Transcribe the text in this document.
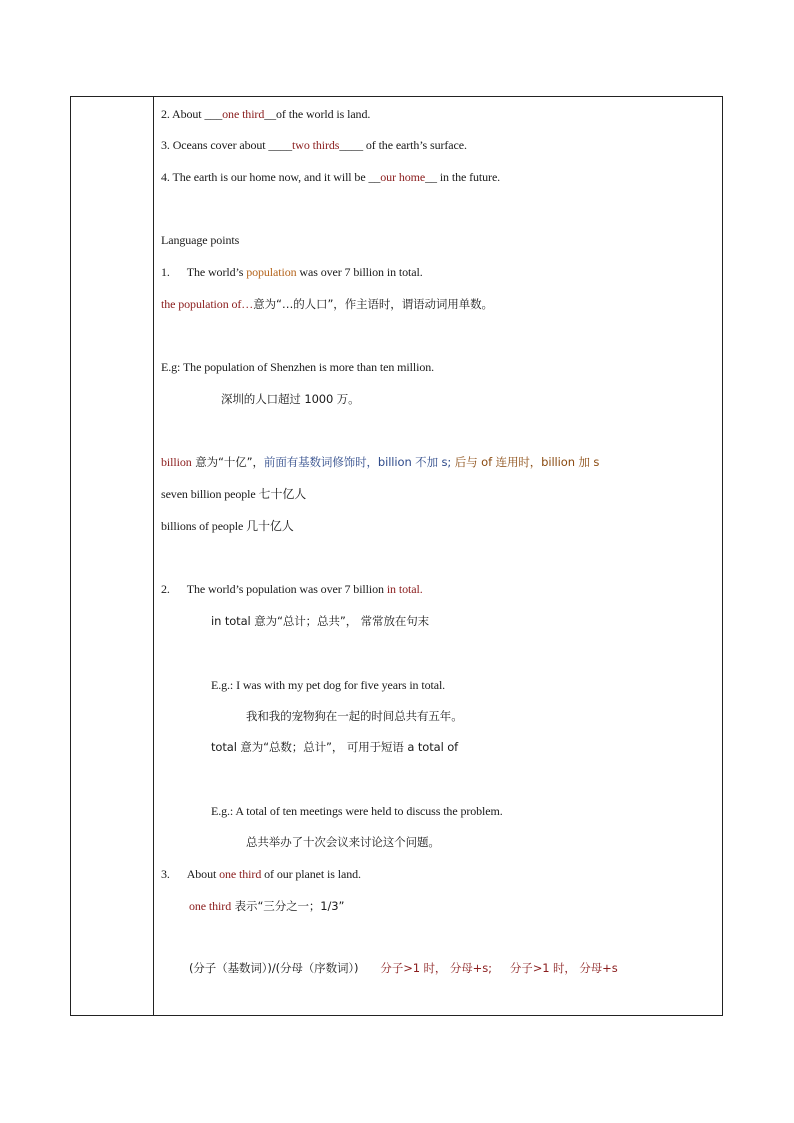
2. About ___one third__of the world is land.
3. Oceans cover about ____two thirds____ of the earth’s surface.
4. The earth is our home now, and it will be __our home__ in the future.
Language points
1. The world’s population was over 7 billion in total.
the population of…意为“…的人口”，作主语时，谓语动词用单数。
E.g: The population of Shenzhen is more than ten million.
深圳的人口超过 1000 万。
billion 意为“十亿”，前面有基数词修饰时，billion 不加 s; 后与 of 连用时，billion 加 s
seven billion people 七十亿人
billions of people 几十亿人
2. The world’s population was over 7 billion in total.
in total 意为“总计；总共”， 常常放在句末
E.g.: I was with my pet dog for five years in total.
我和我的宠物狗在一起的时间总共有五年。
total 意为“总数；总计”， 可用于短语 a total of
E.g.: A total of ten meetings were held to discuss the problem.
总共举办了十次会议来讨论这个问题。
3. About one third of our planet is land.
one third 表示“三分之一；1/3”
(分子（基数词）)/(分母（序数词）) 分子>1 时， 分母+s; 分子>1 时， 分母+s
